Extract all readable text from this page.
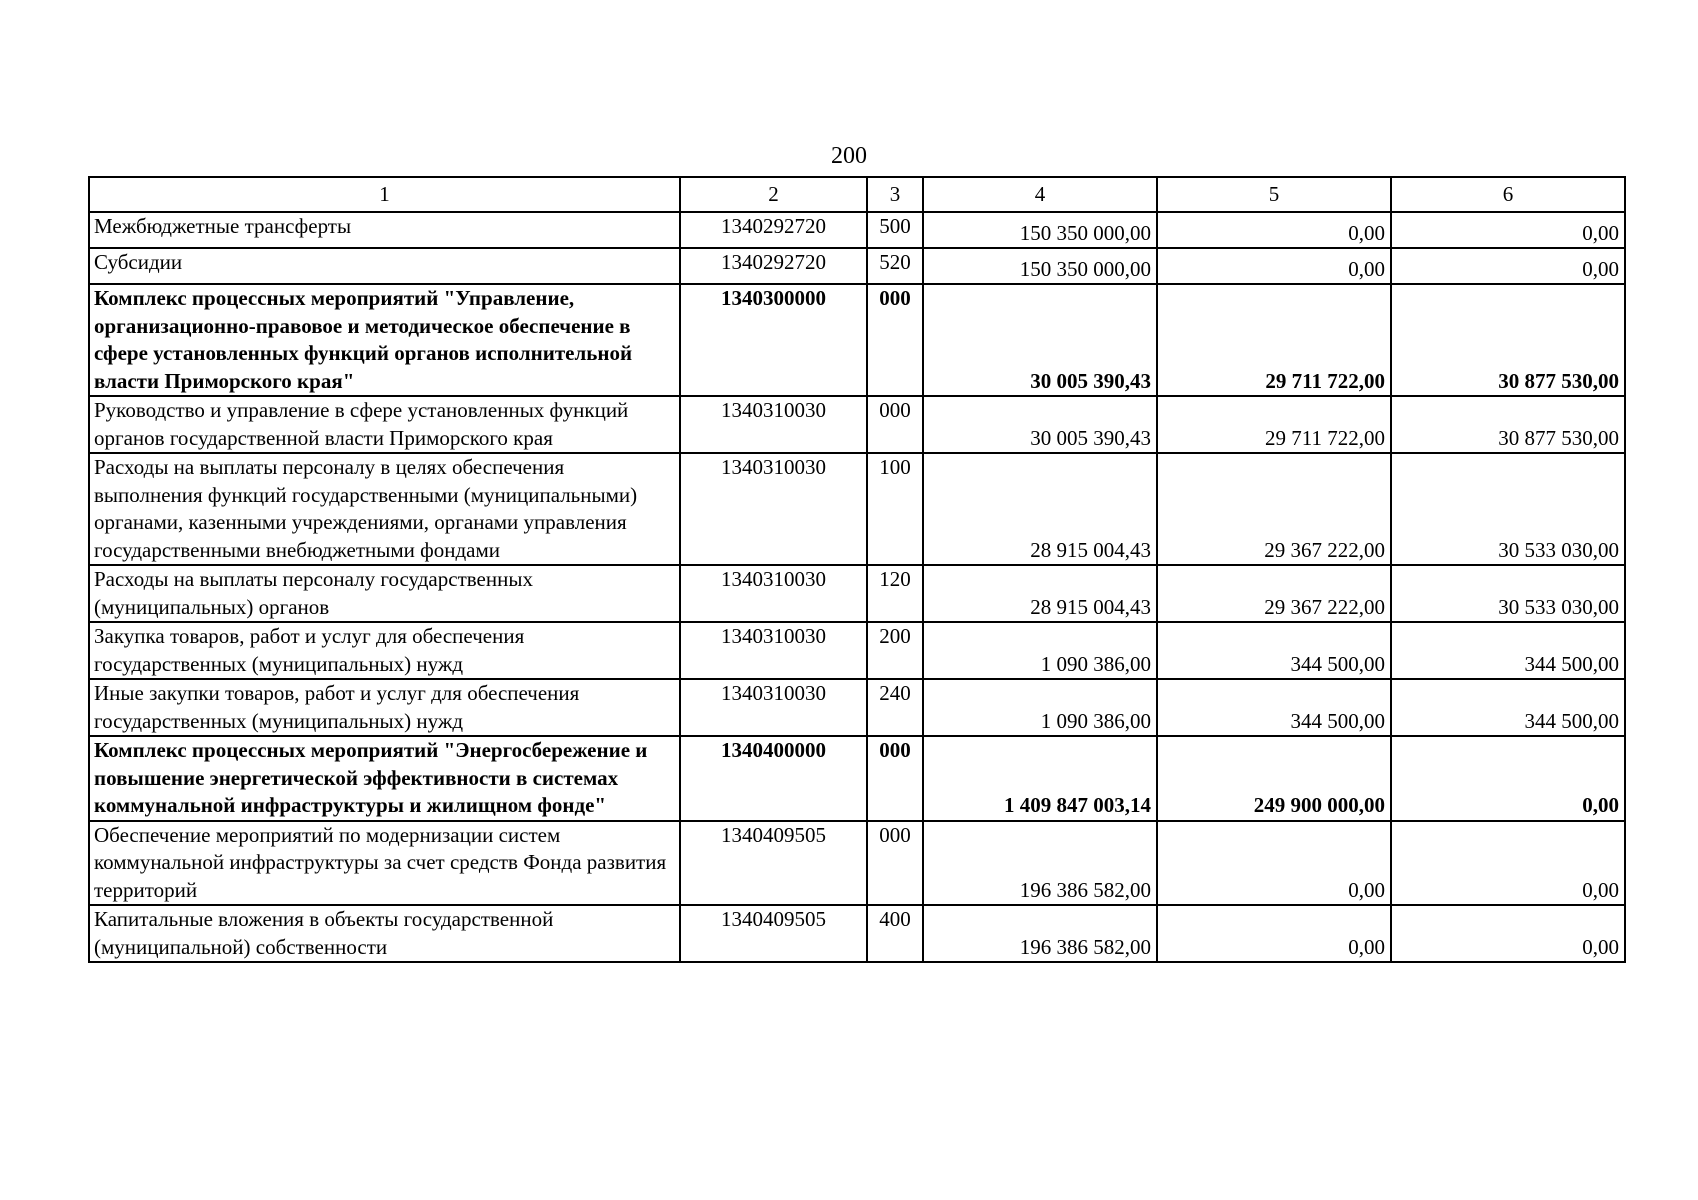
200
1	2	3	4	5	6
Межбюджетные трансферты	1340292720	500	150 350 000,00	0,00	0,00
Субсидии	1340292720	520	150 350 000,00	0,00	0,00
Комплекс процессных мероприятий "Управление, организационно-правовое и методическое обеспечение в сфере установленных функций органов исполнительной власти Приморского края"	1340300000	000	30 005 390,43	29 711 722,00	30 877 530,00
Руководство и управление в сфере установленных функций органов государственной власти Приморского края	1340310030	000	30 005 390,43	29 711 722,00	30 877 530,00
Расходы на выплаты персоналу в целях обеспечения выполнения функций государственными (муниципальными) органами, казенными учреждениями, органами управления государственными внебюджетными фондами	1340310030	100	28 915 004,43	29 367 222,00	30 533 030,00
Расходы на выплаты персоналу государственных (муниципальных) органов	1340310030	120	28 915 004,43	29 367 222,00	30 533 030,00
Закупка товаров, работ и услуг для обеспечения государственных (муниципальных) нужд	1340310030	200	1 090 386,00	344 500,00	344 500,00
Иные закупки товаров, работ и услуг для обеспечения государственных (муниципальных) нужд	1340310030	240	1 090 386,00	344 500,00	344 500,00
Комплекс процессных мероприятий "Энергосбережение и повышение энергетической эффективности в системах коммунальной инфраструктуры и жилищном фонде"	1340400000	000	1 409 847 003,14	249 900 000,00	0,00
Обеспечение мероприятий по модернизации систем коммунальной инфраструктуры за счет средств Фонда развития территорий	1340409505	000	196 386 582,00	0,00	0,00
Капитальные вложения в объекты государственной (муниципальной) собственности	1340409505	400	196 386 582,00	0,00	0,00
